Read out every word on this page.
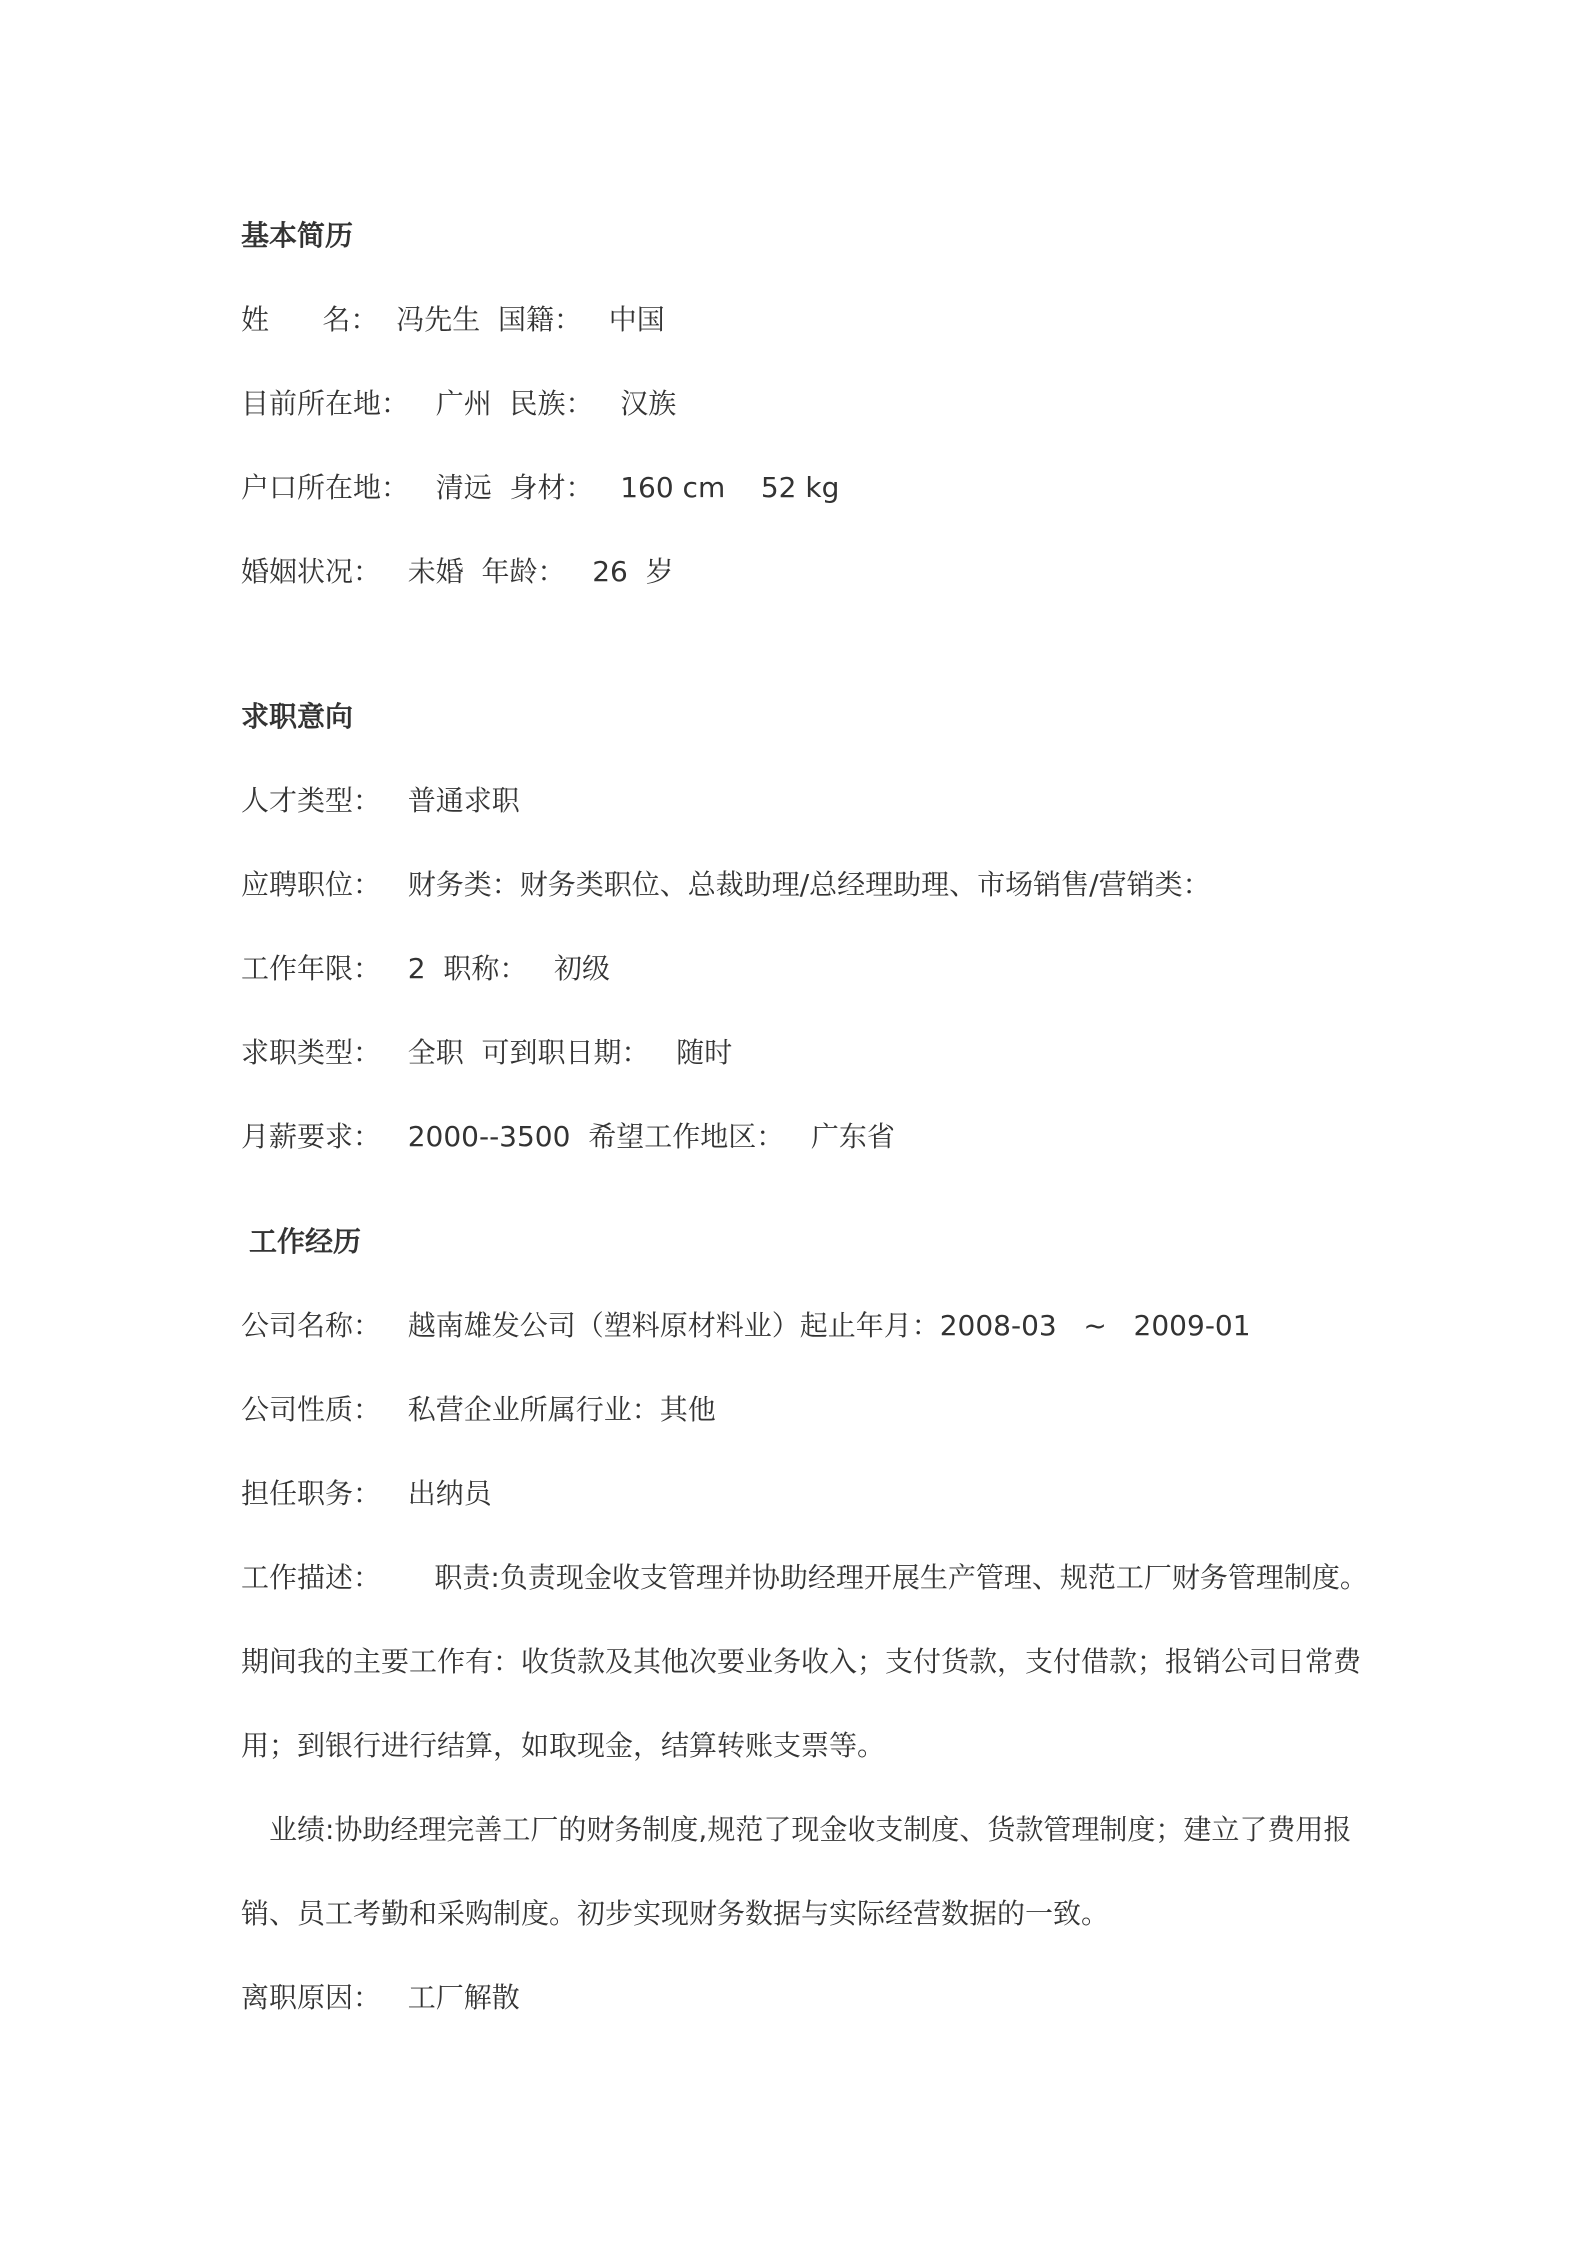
基本简历
姓      名：  冯先生  国籍：   中国
目前所在地：   广州  民族：   汉族
户口所在地：   清远  身材：   160 cm    52 kg
婚姻状况：   未婚  年龄：   26  岁
求职意向
人才类型：   普通求职
应聘职位：   财务类：财务类职位、总裁助理/总经理助理、市场销售/营销类：
工作年限：   2  职称：   初级
求职类型：   全职  可到职日期：   随时
月薪要求：   2000--3500  希望工作地区：   广东省
工作经历
公司名称：   越南雄发公司（塑料原材料业）起止年月：2008-03   ~   2009-01
公司性质：   私营企业所属行业：其他
担任职务：   出纳员
工作描述：      职责:负责现金收支管理并协助经理开展生产管理、规范工厂财务管理制度。
期间我的主要工作有：收货款及其他次要业务收入；支付货款，支付借款；报销公司日常费
用；到银行进行结算，如取现金，结算转账支票等。
业绩:协助经理完善工厂的财务制度,规范了现金收支制度、货款管理制度；建立了费用报
销、员工考勤和采购制度。初步实现财务数据与实际经营数据的一致。
离职原因：   工厂解散
